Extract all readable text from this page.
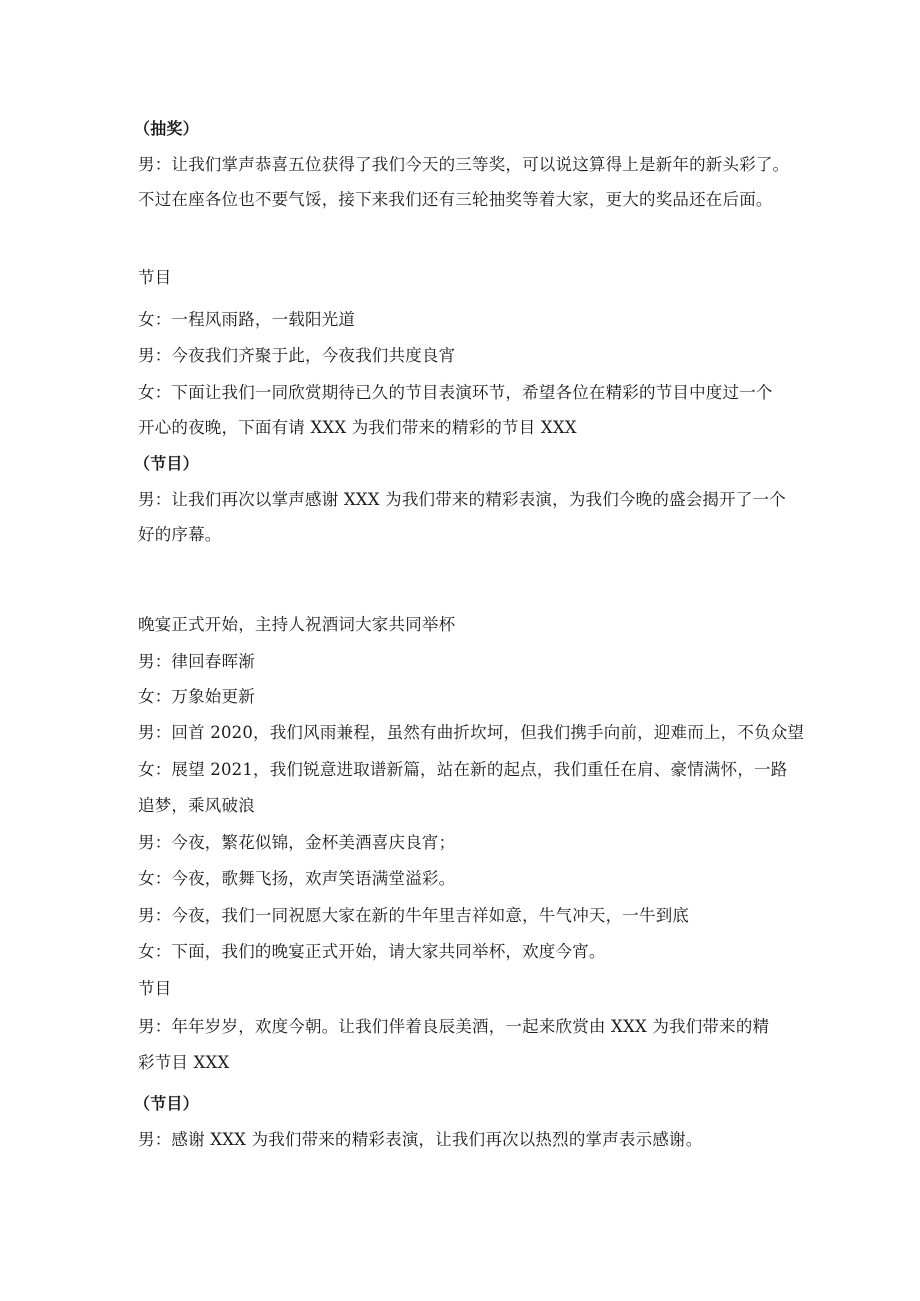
（抽奖）
男：让我们掌声恭喜五位获得了我们今天的三等奖，可以说这算得上是新年的新头彩了。
不过在座各位也不要气馁，接下来我们还有三轮抽奖等着大家，更大的奖品还在后面。
节目
女：一程风雨路，一载阳光道
男：今夜我们齐聚于此，今夜我们共度良宵
女：下面让我们一同欣赏期待已久的节目表演环节，希望各位在精彩的节目中度过一个
开心的夜晚，下面有请 XXX 为我们带来的精彩的节目 XXX
（节目）
男：让我们再次以掌声感谢 XXX 为我们带来的精彩表演，为我们今晚的盛会揭开了一个
好的序幕。
晚宴正式开始，主持人祝酒词大家共同举杯
男：律回春晖渐
女：万象始更新
男：回首 2020，我们风雨兼程，虽然有曲折坎坷，但我们携手向前，迎难而上，不负众望
女：展望 2021，我们锐意进取谱新篇，站在新的起点，我们重任在肩、豪情满怀，一路
追梦，乘风破浪
男：今夜，繁花似锦，金杯美酒喜庆良宵；
女：今夜，歌舞飞扬，欢声笑语满堂溢彩。
男：今夜，我们一同祝愿大家在新的牛年里吉祥如意，牛气冲天，一牛到底
女：下面，我们的晚宴正式开始，请大家共同举杯，欢度今宵。
节目
男：年年岁岁，欢度今朝。让我们伴着良辰美酒，一起来欣赏由 XXX 为我们带来的精
彩节目 XXX
（节目）
男：感谢 XXX 为我们带来的精彩表演，让我们再次以热烈的掌声表示感谢。
